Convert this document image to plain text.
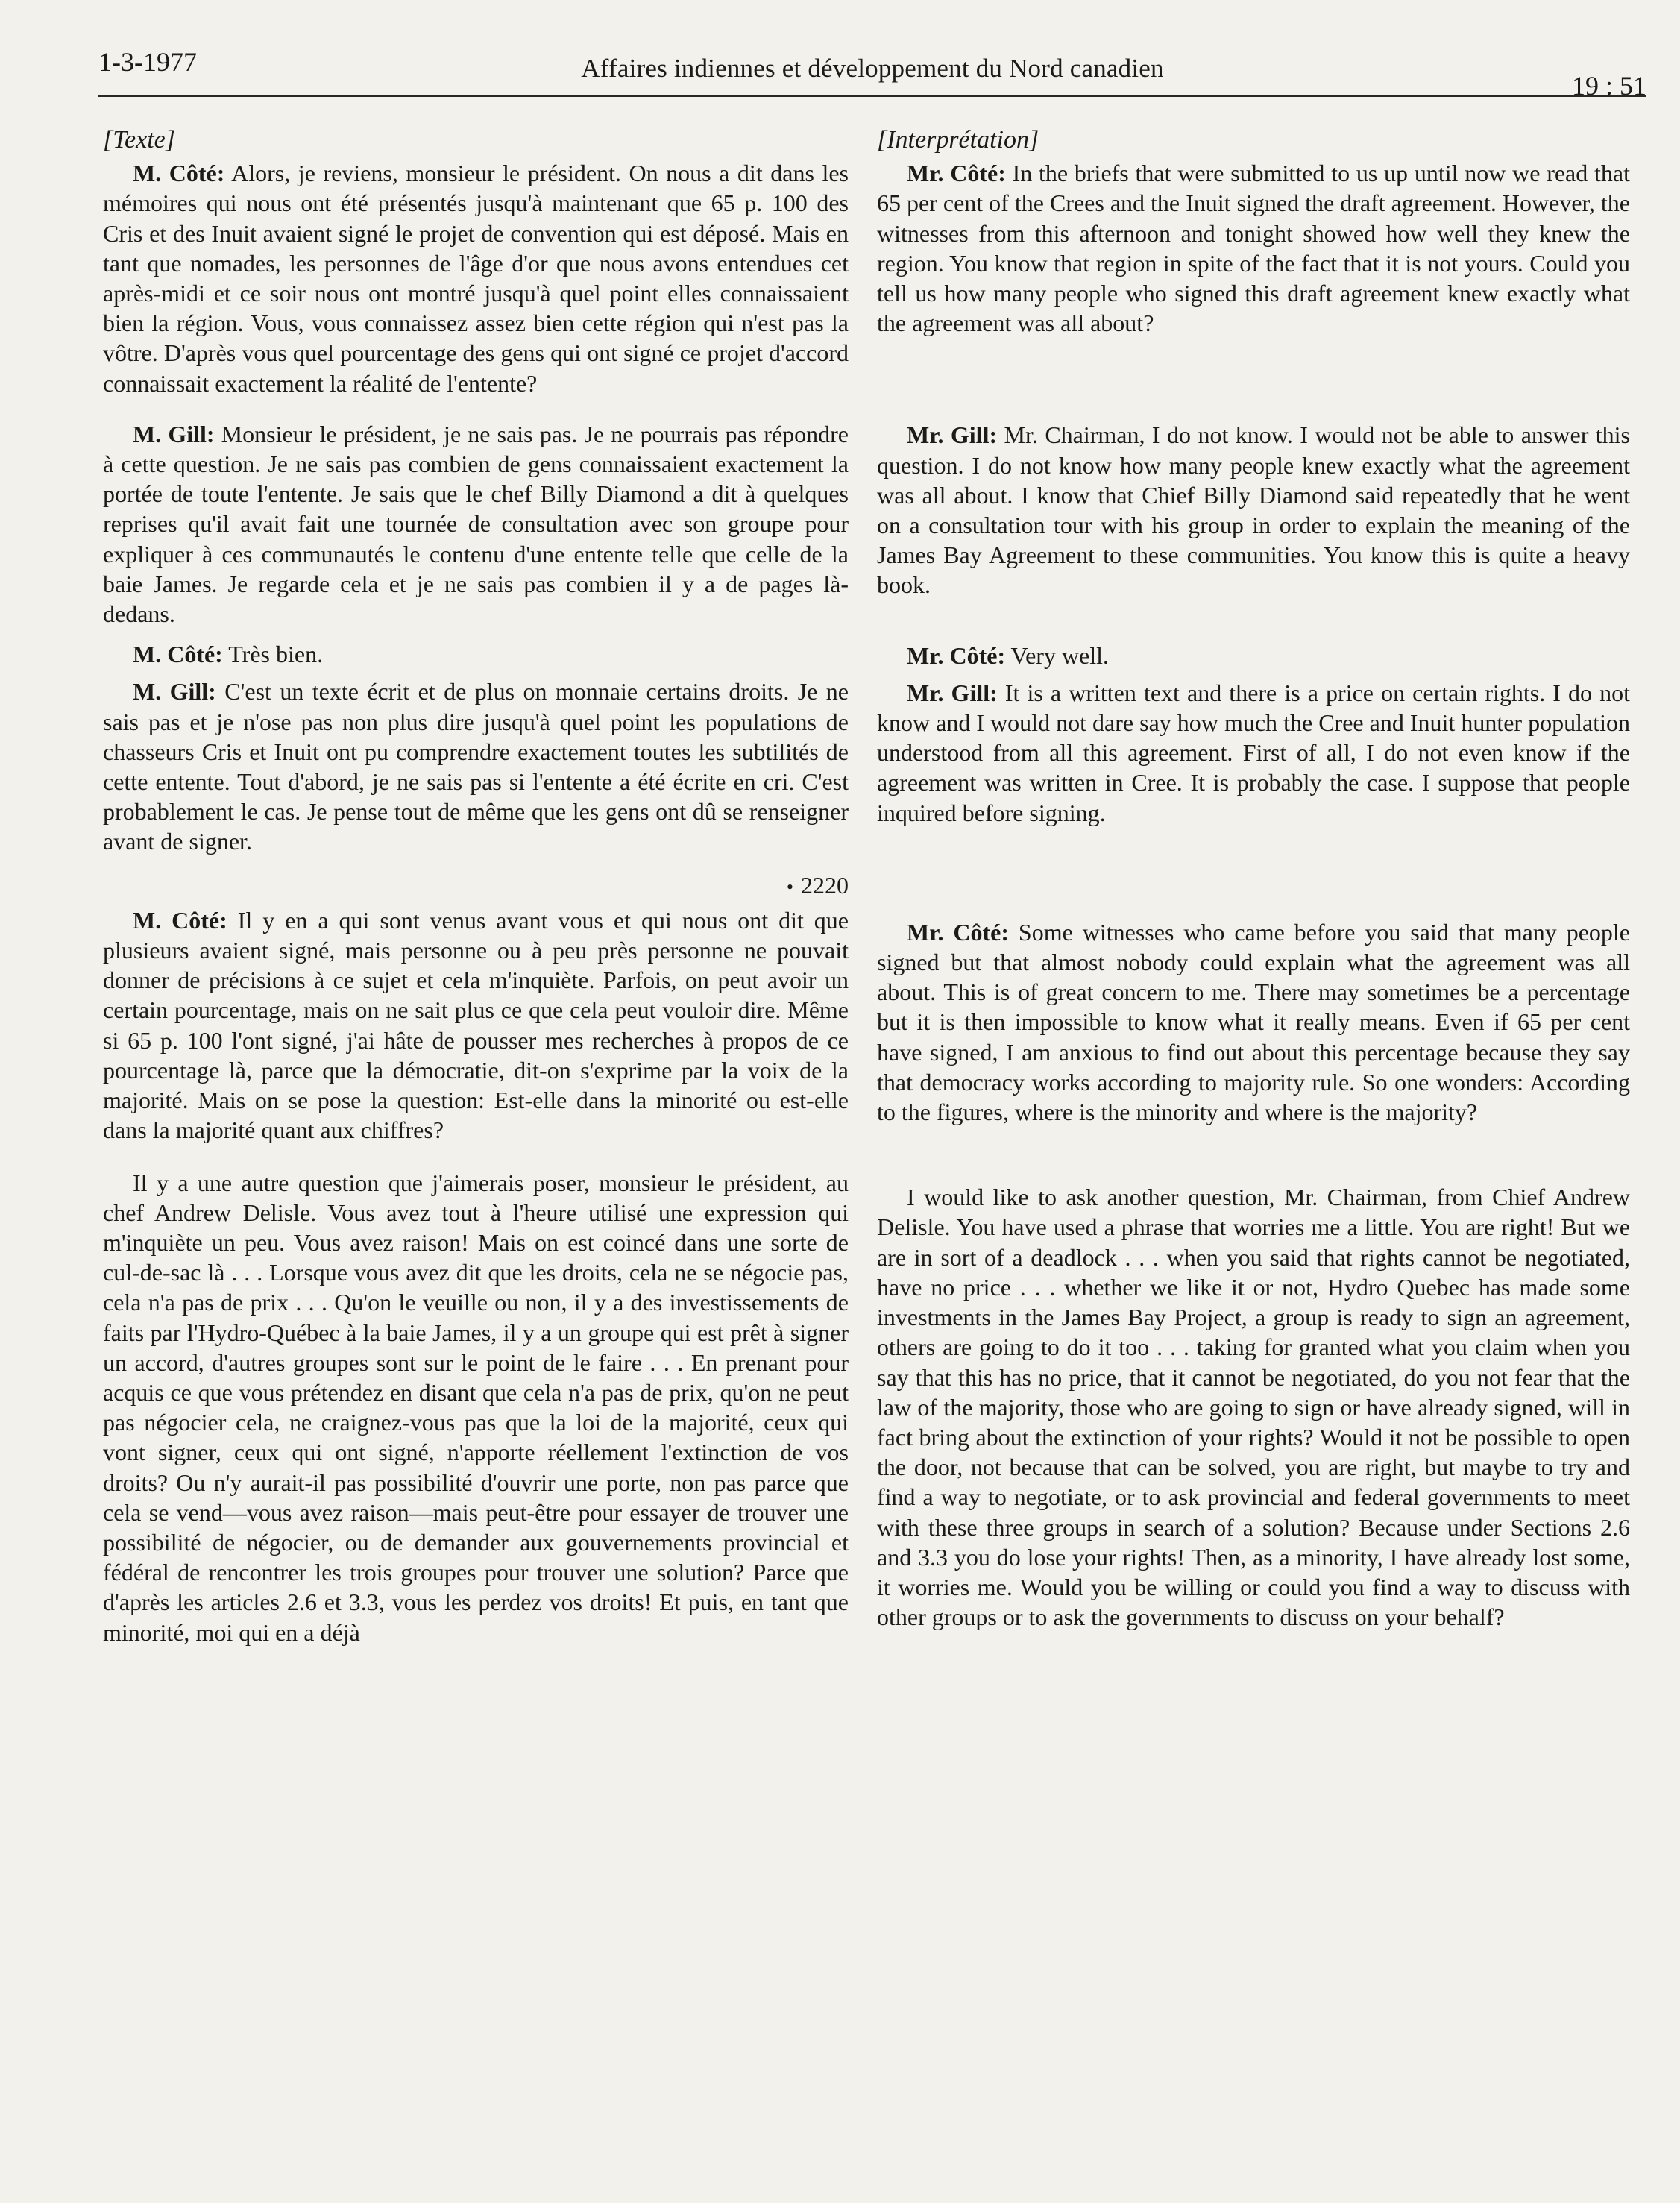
1-3-1977	Affaires indiennes et développement du Nord canadien
19 : 51
[Texte]

M. Côté: Alors, je reviens, monsieur le président. On nous a dit dans les mémoires qui nous ont été présentés jusqu'à maintenant que 65 p. 100 des Cris et des Inuit avaient signé le projet de convention qui est déposé. Mais en tant que nomades, les personnes de l'âge d'or que nous avons entendues cet après-midi et ce soir nous ont montré jusqu'à quel point elles connaissaient bien la région. Vous, vous connaissez assez bien cette région qui n'est pas la vôtre. D'après vous quel pourcentage des gens qui ont signé ce projet d'accord connaissait exactement la réalité de l'entente?

M. Gill: Monsieur le président, je ne sais pas. Je ne pourrais pas répondre à cette question. Je ne sais pas combien de gens connaissaient exactement la portée de toute l'entente. Je sais que le chef Billy Diamond a dit à quelques reprises qu'il avait fait une tournée de consultation avec son groupe pour expliquer à ces communautés le contenu d'une entente telle que celle de la baie James. Je regarde cela et je ne sais pas combien il y a de pages là-dedans.

M. Côté: Très bien.

M. Gill: C'est un texte écrit et de plus on monnaie certains droits. Je ne sais pas et je n'ose pas non plus dire jusqu'à quel point les populations de chasseurs Cris et Inuit ont pu comprendre exactement toutes les subtilités de cette entente. Tout d'abord, je ne sais pas si l'entente a été écrite en cri. C'est probablement le cas. Je pense tout de même que les gens ont dû se renseigner avant de signer.

• 2220

M. Côté: Il y en a qui sont venus avant vous et qui nous ont dit que plusieurs avaient signé, mais personne ou à peu près personne ne pouvait donner de précisions à ce sujet et cela m'inquiète. Parfois, on peut avoir un certain pourcentage, mais on ne sait plus ce que cela peut vouloir dire. Même si 65 p. 100 l'ont signé, j'ai hâte de pousser mes recherches à propos de ce pourcentage là, parce que la démocratie, dit-on s'exprime par la voix de la majorité. Mais on se pose la question: Est-elle dans la minorité ou est-elle dans la majorité quant aux chiffres?

Il y a une autre question que j'aimerais poser, monsieur le président, au chef Andrew Delisle. Vous avez tout à l'heure utilisé une expression qui m'inquiète un peu. Vous avez raison! Mais on est coincé dans une sorte de cul-de-sac là . . . Lorsque vous avez dit que les droits, cela ne se négocie pas, cela n'a pas de prix . . . Qu'on le veuille ou non, il y a des investissements de faits par l'Hydro-Québec à la baie James, il y a un groupe qui est prêt à signer un accord, d'autres groupes sont sur le point de le faire . . . En prenant pour acquis ce que vous prétendez en disant que cela n'a pas de prix, qu'on ne peut pas négocier cela, ne craignez-vous pas que la loi de la majorité, ceux qui vont signer, ceux qui ont signé, n'apporte réellement l'extinction de vos droits? Ou n'y aurait-il pas possibilité d'ouvrir une porte, non pas parce que cela se vend—vous avez raison—mais peut-être pour essayer de trouver une possibilité de négocier, ou de demander aux gouvernements provincial et fédéral de rencontrer les trois groupes pour trouver une solution? Parce que d'après les articles 2.6 et 3.3, vous les perdez vos droits! Et puis, en tant que minorité, moi qui en a déjà

[Interprétation]

Mr. Côté: In the briefs that were submitted to us up until now we read that 65 per cent of the Crees and the Inuit signed the draft agreement. However, the witnesses from this afternoon and tonight showed how well they knew the region. You know that region in spite of the fact that it is not yours. Could you tell us how many people who signed this draft agreement knew exactly what the agreement was all about?

Mr. Gill: Mr. Chairman, I do not know. I would not be able to answer this question. I do not know how many people knew exactly what the agreement was all about. I know that Chief Billy Diamond said repeatedly that he went on a consultation tour with his group in order to explain the meaning of the James Bay Agreement to these communities. You know this is quite a heavy book.

Mr. Côté: Very well.

Mr. Gill: It is a written text and there is a price on certain rights. I do not know and I would not dare say how much the Cree and Inuit hunter population understood from all this agreement. First of all, I do not even know if the agreement was written in Cree. It is probably the case. I suppose that people inquired before signing.

Mr. Côté: Some witnesses who came before you said that many people signed but that almost nobody could explain what the agreement was all about. This is of great concern to me. There may sometimes be a percentage but it is then impossible to know what it really means. Even if 65 per cent have signed, I am anxious to find out about this percentage because they say that democracy works according to majority rule. So one wonders: According to the figures, where is the minority and where is the majority?

I would like to ask another question, Mr. Chairman, from Chief Andrew Delisle. You have used a phrase that worries me a little. You are right! But we are in sort of a deadlock . . . when you said that rights cannot be negotiated, have no price . . . whether we like it or not, Hydro Quebec has made some investments in the James Bay Project, a group is ready to sign an agreement, others are going to do it too . . . taking for granted what you claim when you say that this has no price, that it cannot be negotiated, do you not fear that the law of the majority, those who are going to sign or have already signed, will in fact bring about the extinction of your rights? Would it not be possible to open the door, not because that can be solved, you are right, but maybe to try and find a way to negotiate, or to ask provincial and federal governments to meet with these three groups in search of a solution? Because under Sections 2.6 and 3.3 you do lose your rights! Then, as a minority, I have already lost some, it worries me. Would you be willing or could you find a way to discuss with other groups or to ask the governments to discuss on your behalf?
